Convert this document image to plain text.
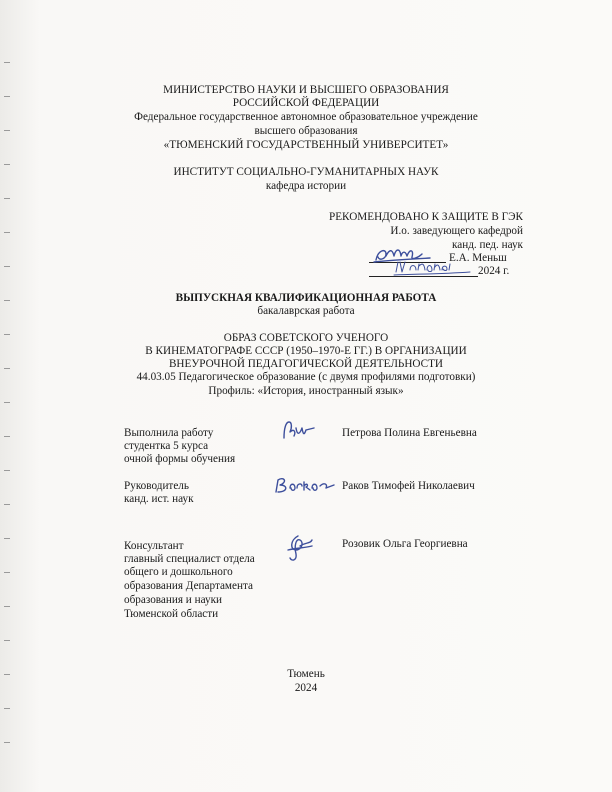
МИНИСТЕРСТВО НАУКИ И ВЫСШЕГО ОБРАЗОВАНИЯ
РОССИЙСКОЙ ФЕДЕРАЦИИ
Федеральное государственное автономное образовательное учреждение
высшего образования
«ТЮМЕНСКИЙ ГОСУДАРСТВЕННЫЙ УНИВЕРСИТЕТ»
ИНСТИТУТ СОЦИАЛЬНО-ГУМАНИТАРНЫХ НАУК
кафедра истории
РЕКОМЕНДОВАНО К ЗАЩИТЕ В ГЭК
И.о. заведующего кафедрой
канд. пед. наук
Е.А. Меньш
2024 г.
ВЫПУСКНАЯ КВАЛИФИКАЦИОННАЯ РАБОТА
бакалаврская работа
ОБРАЗ СОВЕТСКОГО УЧЕНОГО
В КИНЕМАТОГРАФЕ СССР (1950–1970-Е ГГ.) В ОРГАНИЗАЦИИ
ВНЕУРОЧНОЙ ПЕДАГОГИЧЕСКОЙ ДЕЯТЕЛЬНОСТИ
44.03.05 Педагогическое образование (с двумя профилями подготовки)
Профиль: «История, иностранный язык»
Выполнила работу
студентка 5 курса
очной формы обучения
Петрова Полина Евгеньевна
Руководитель
канд. ист. наук
Раков Тимофей Николаевич
Консультант
главный специалист отдела
общего и дошкольного
образования Департамента
образования и науки
Тюменской области
Розовик Ольга Георгиевна
Тюмень
2024
